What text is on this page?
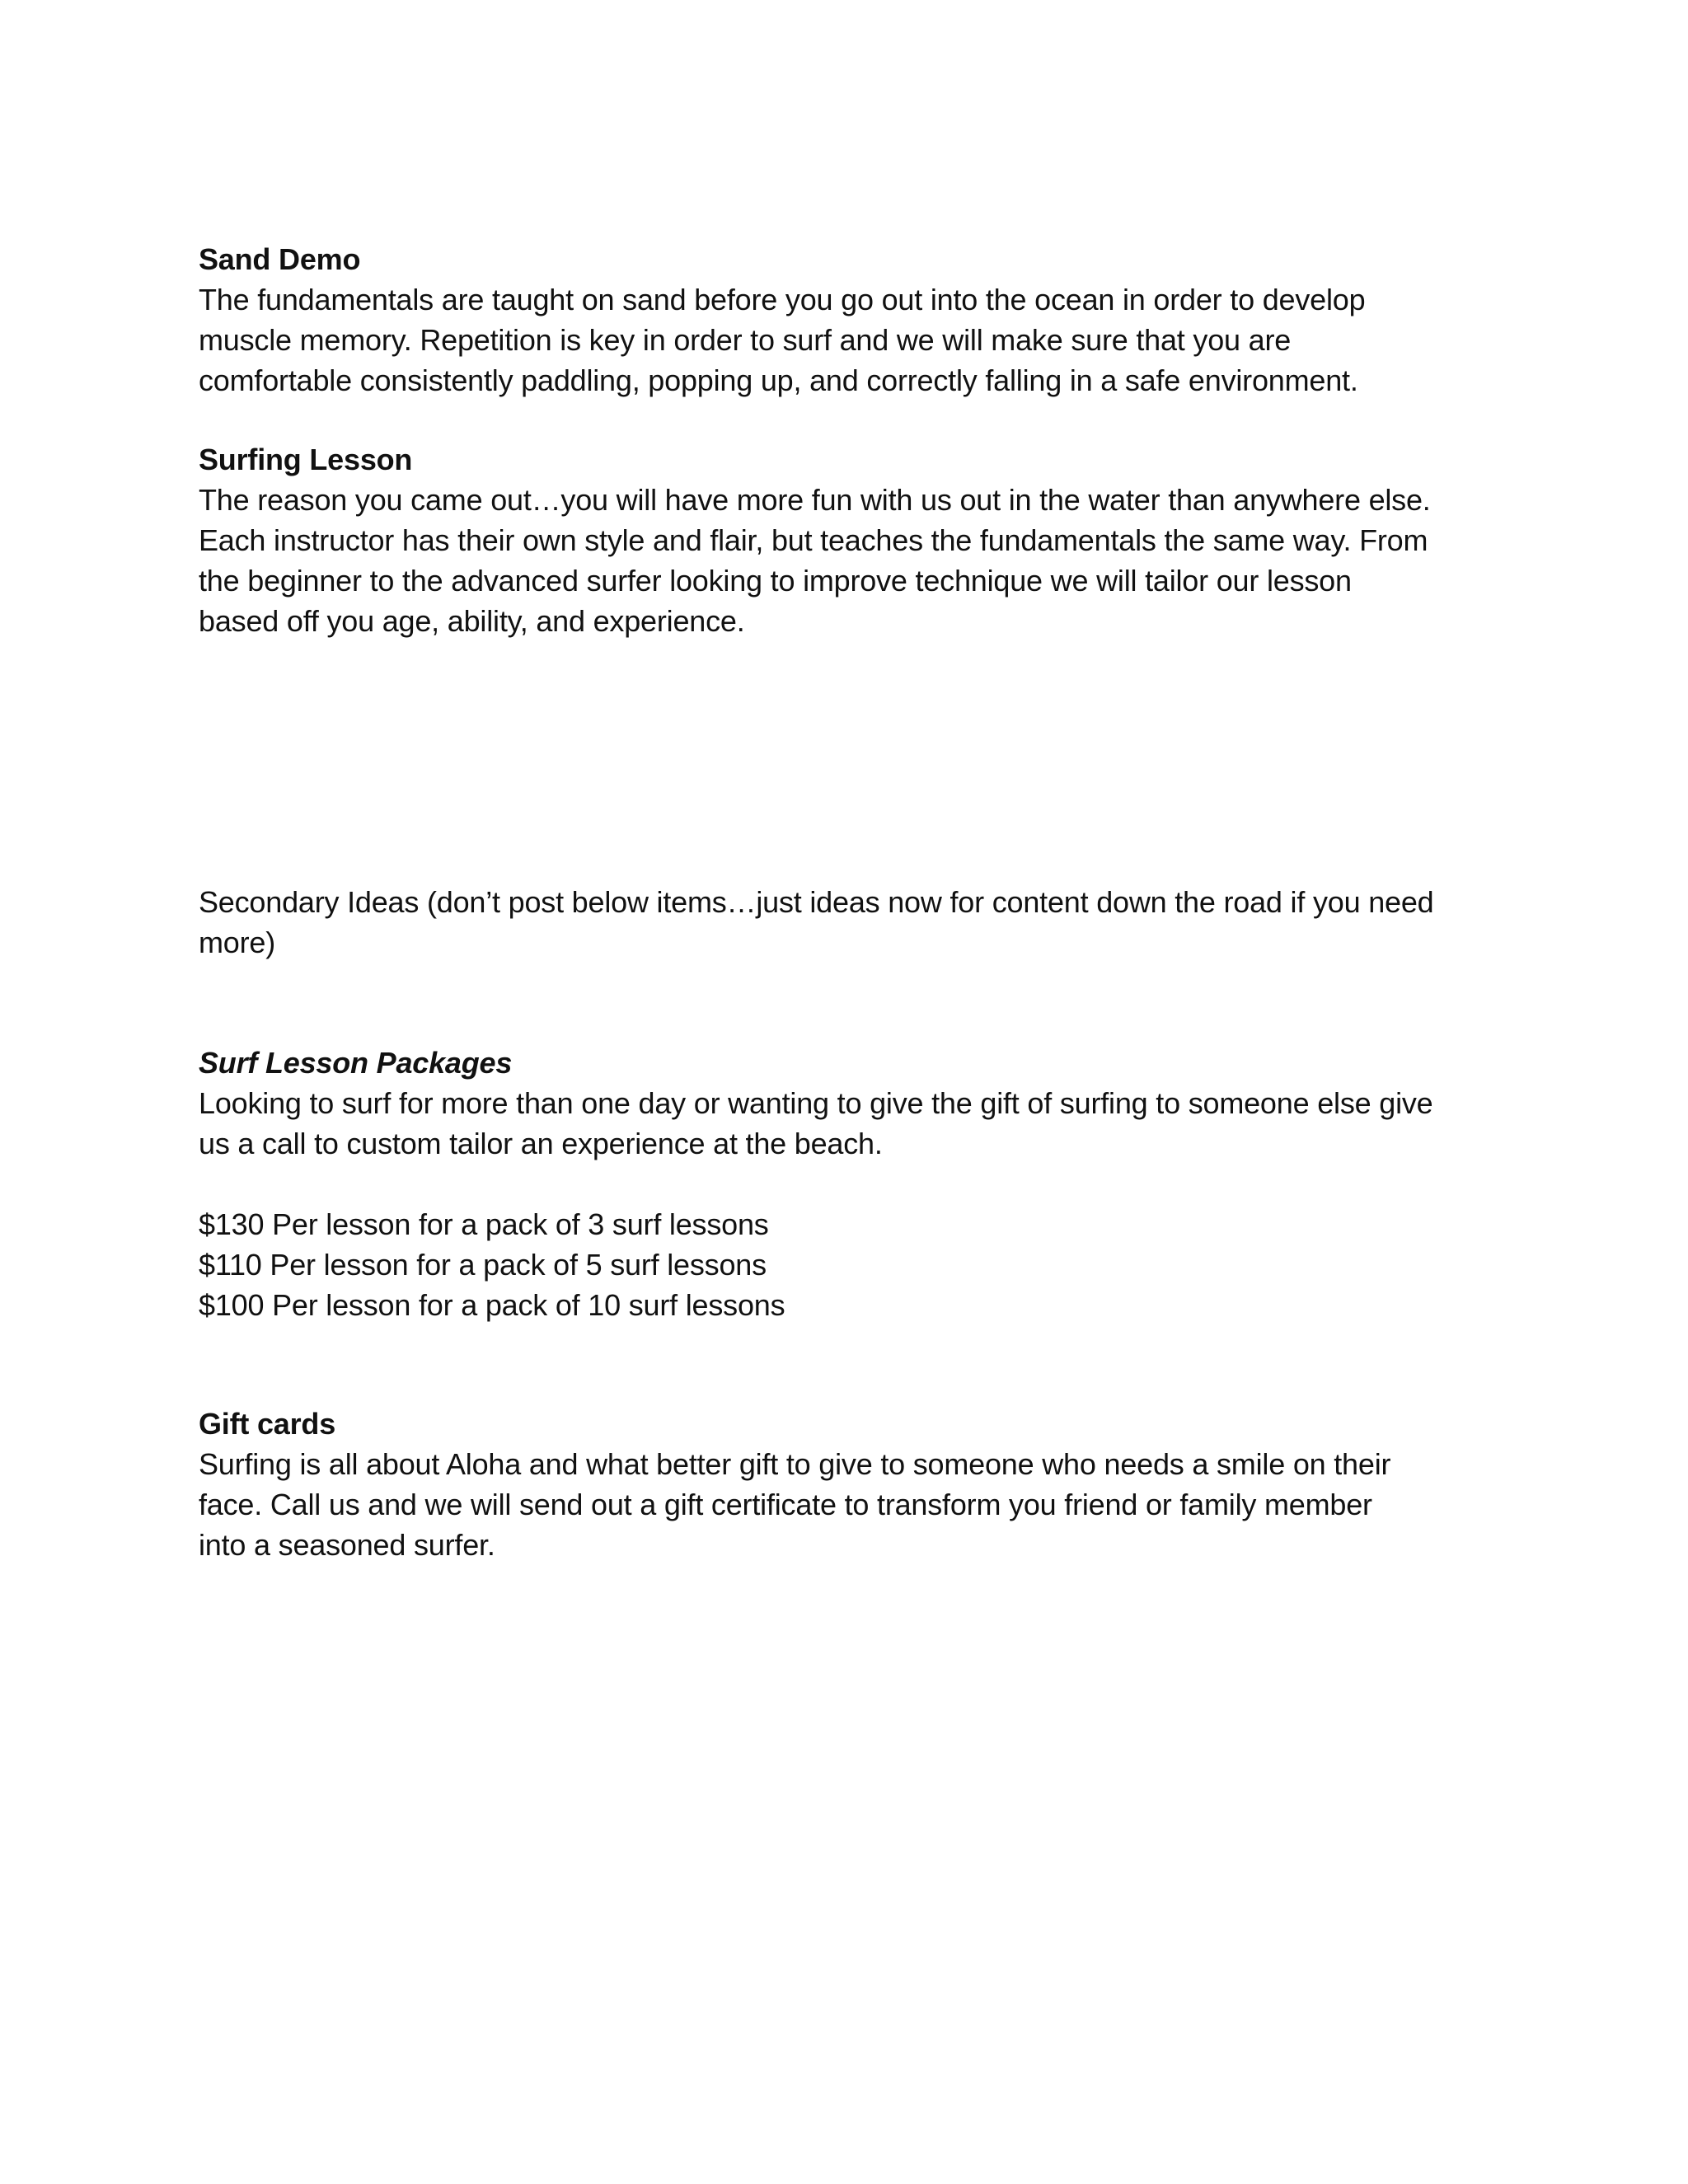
Sand Demo
The fundamentals are taught on sand before you go out into the ocean in order to develop
muscle memory. Repetition is key in order to surf and we will make sure that you are
comfortable consistently paddling, popping up, and correctly falling in a safe environment.
Surfing Lesson
The reason you came out…you will have more fun with us out in the water than anywhere else.
Each instructor has their own style and flair, but teaches the fundamentals the same way. From
the beginner to the advanced surfer looking to improve technique we will tailor our lesson
based off you age, ability, and experience.
Secondary Ideas (don’t post below items…just ideas now for content down the road if you need
more)
Surf Lesson Packages
Looking to surf for more than one day or wanting to give the gift of surfing to someone else give
us a call to custom tailor an experience at the beach.
$130 Per lesson for a pack of 3 surf lessons
$110 Per lesson for a pack of 5 surf lessons
$100 Per lesson for a pack of 10 surf lessons
Gift cards
Surfing is all about Aloha and what better gift to give to someone who needs a smile on their
face. Call us and we will send out a gift certificate to transform you friend or family member
into a seasoned surfer.
